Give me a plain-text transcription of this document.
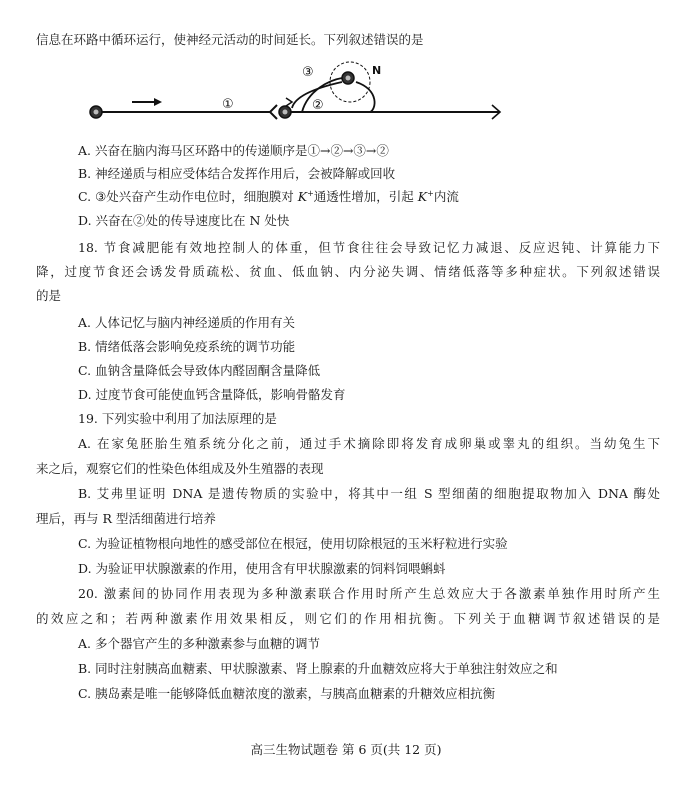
信息在环路中循环运行，使神经元活动的时间延长。下列叙述错误的是
①	②
③	N
A. 兴奋在脑内海马区环路中的传递顺序是①→②→③→②
B. 神经递质与相应受体结合发挥作用后，会被降解或回收
C. ③处兴奋产生动作电位时，细胞膜对 K+通透性增加，引起 K+内流
D. 兴奋在②处的传导速度比在 N 处快
18. 节食减肥能有效地控制人的体重，但节食往往会导致记忆力减退、反应迟钝、计算能力下
降，过度节食还会诱发骨质疏松、贫血、低血钠、内分泌失调、情绪低落等多种症状。下列叙述错误
的是
A. 人体记忆与脑内神经递质的作用有关
B. 情绪低落会影响免疫系统的调节功能
C. 血钠含量降低会导致体内醛固酮含量降低
D. 过度节食可能使血钙含量降低，影响骨骼发育
19. 下列实验中利用了加法原理的是
A. 在家兔胚胎生殖系统分化之前，通过手术摘除即将发育成卵巢或睾丸的组织。当幼兔生下
来之后，观察它们的性染色体组成及外生殖器的表现
B. 艾弗里证明 DNA 是遗传物质的实验中，将其中一组 S 型细菌的细胞提取物加入 DNA 酶处
理后，再与 R 型活细菌进行培养
C. 为验证植物根向地性的感受部位在根冠，使用切除根冠的玉米籽粒进行实验
D. 为验证甲状腺激素的作用，使用含有甲状腺激素的饲料饲喂蝌蚪
20. 激素间的协同作用表现为多种激素联合作用时所产生总效应大于各激素单独作用时所产生
的效应之和；若两种激素作用效果相反，则它们的作用相抗衡。下列关于血糖调节叙述错误的是
A. 多个器官产生的多种激素参与血糖的调节
B. 同时注射胰高血糖素、甲状腺激素、肾上腺素的升血糖效应将大于单独注射效应之和
C. 胰岛素是唯一能够降低血糖浓度的激素，与胰高血糖素的升糖效应相抗衡
高三生物试题卷 第 6 页(共 12 页)
